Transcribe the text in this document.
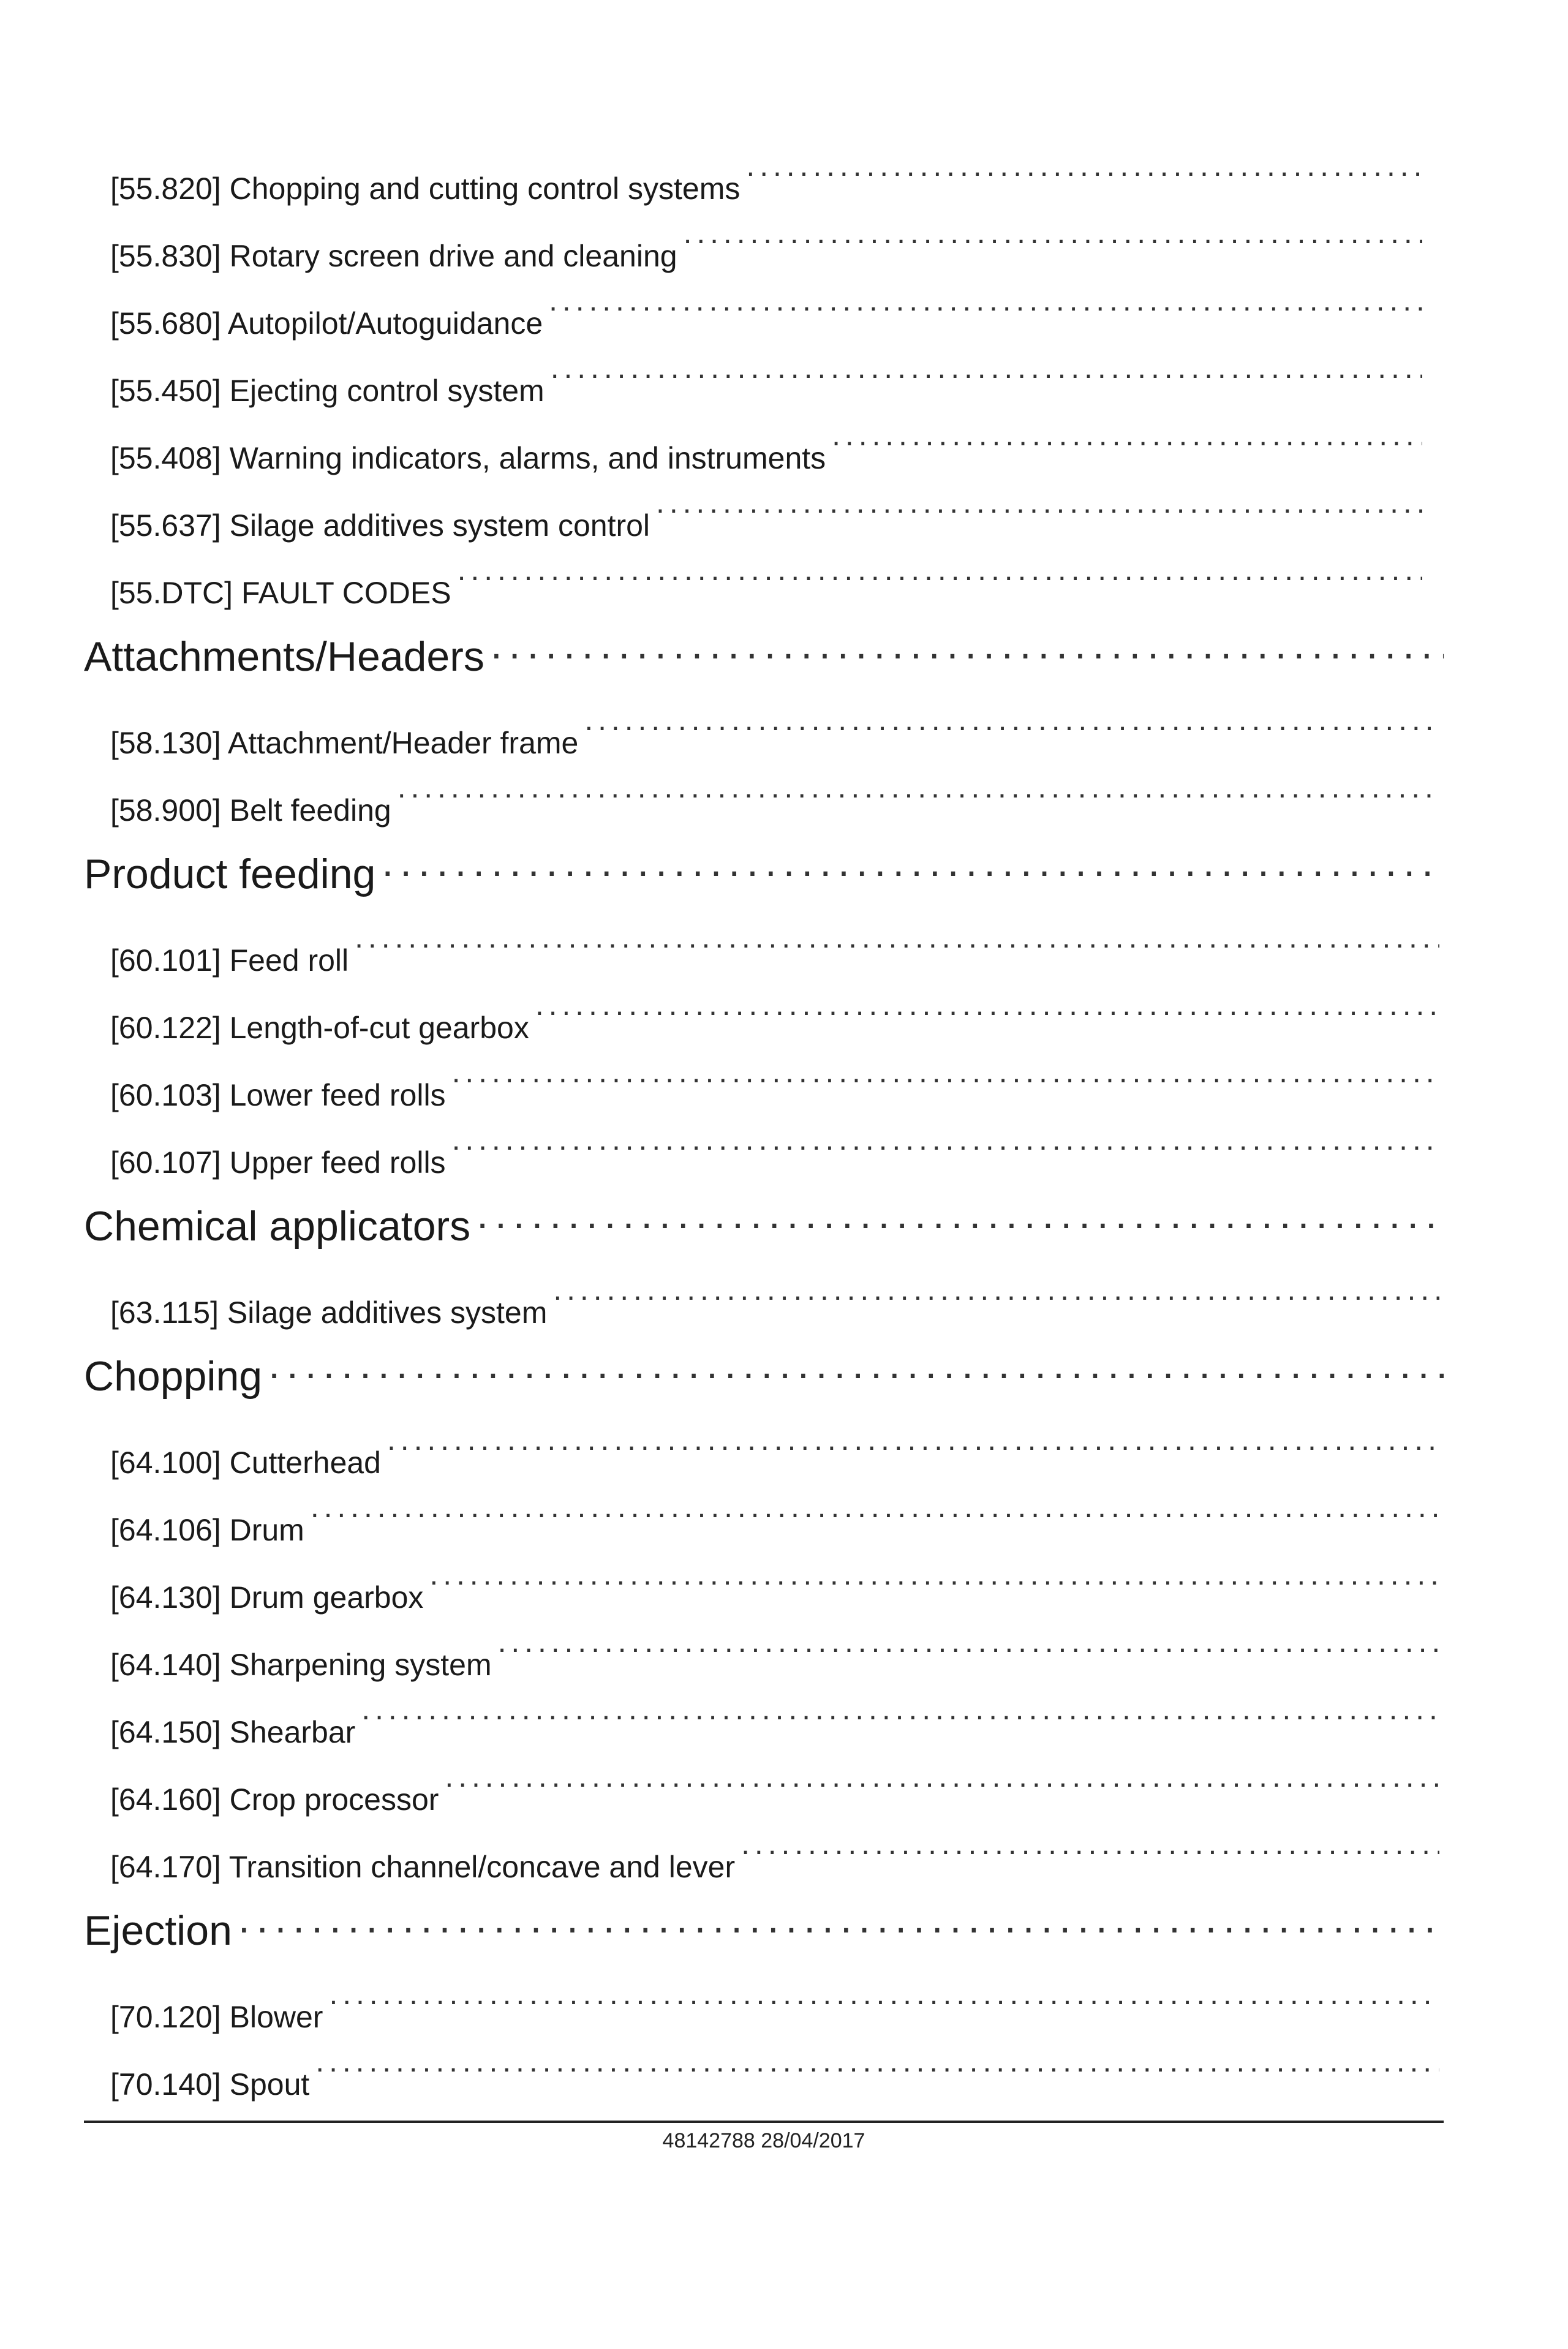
[55.820] Chopping and cutting control systems
. . .
[55.830] Rotary screen drive and cleaning
. . .
[55.680] Autopilot/Autoguidance
. . .
[55.450] Ejecting control system
. . .
[55.408] Warning indicators, alarms, and instruments
. . .
[55.637] Silage additives system control
. . .
[55.DTC] FAULT CODES
. . .
Attachments/Headers
. . .
[58.130] Attachment/Header frame
. . .
[58.900] Belt feeding
. . .
Product feeding
. . .
[60.101] Feed roll
. . .
[60.122] Length-of-cut gearbox
. . .
[60.103] Lower feed rolls
. . .
[60.107] Upper feed rolls
. . .
Chemical applicators
. . .
[63.115] Silage additives system
. . .
Chopping
. . .
[64.100] Cutterhead
. . .
[64.106] Drum
. . .
[64.130] Drum gearbox
. . .
[64.140] Sharpening system
. . .
[64.150] Shearbar
. . .
[64.160] Crop processor
. . .
[64.170] Transition channel/concave and lever
. . .
Ejection
. . .
[70.120] Blower
. . .
[70.140] Spout
. . .
48142788 28/04/2017
